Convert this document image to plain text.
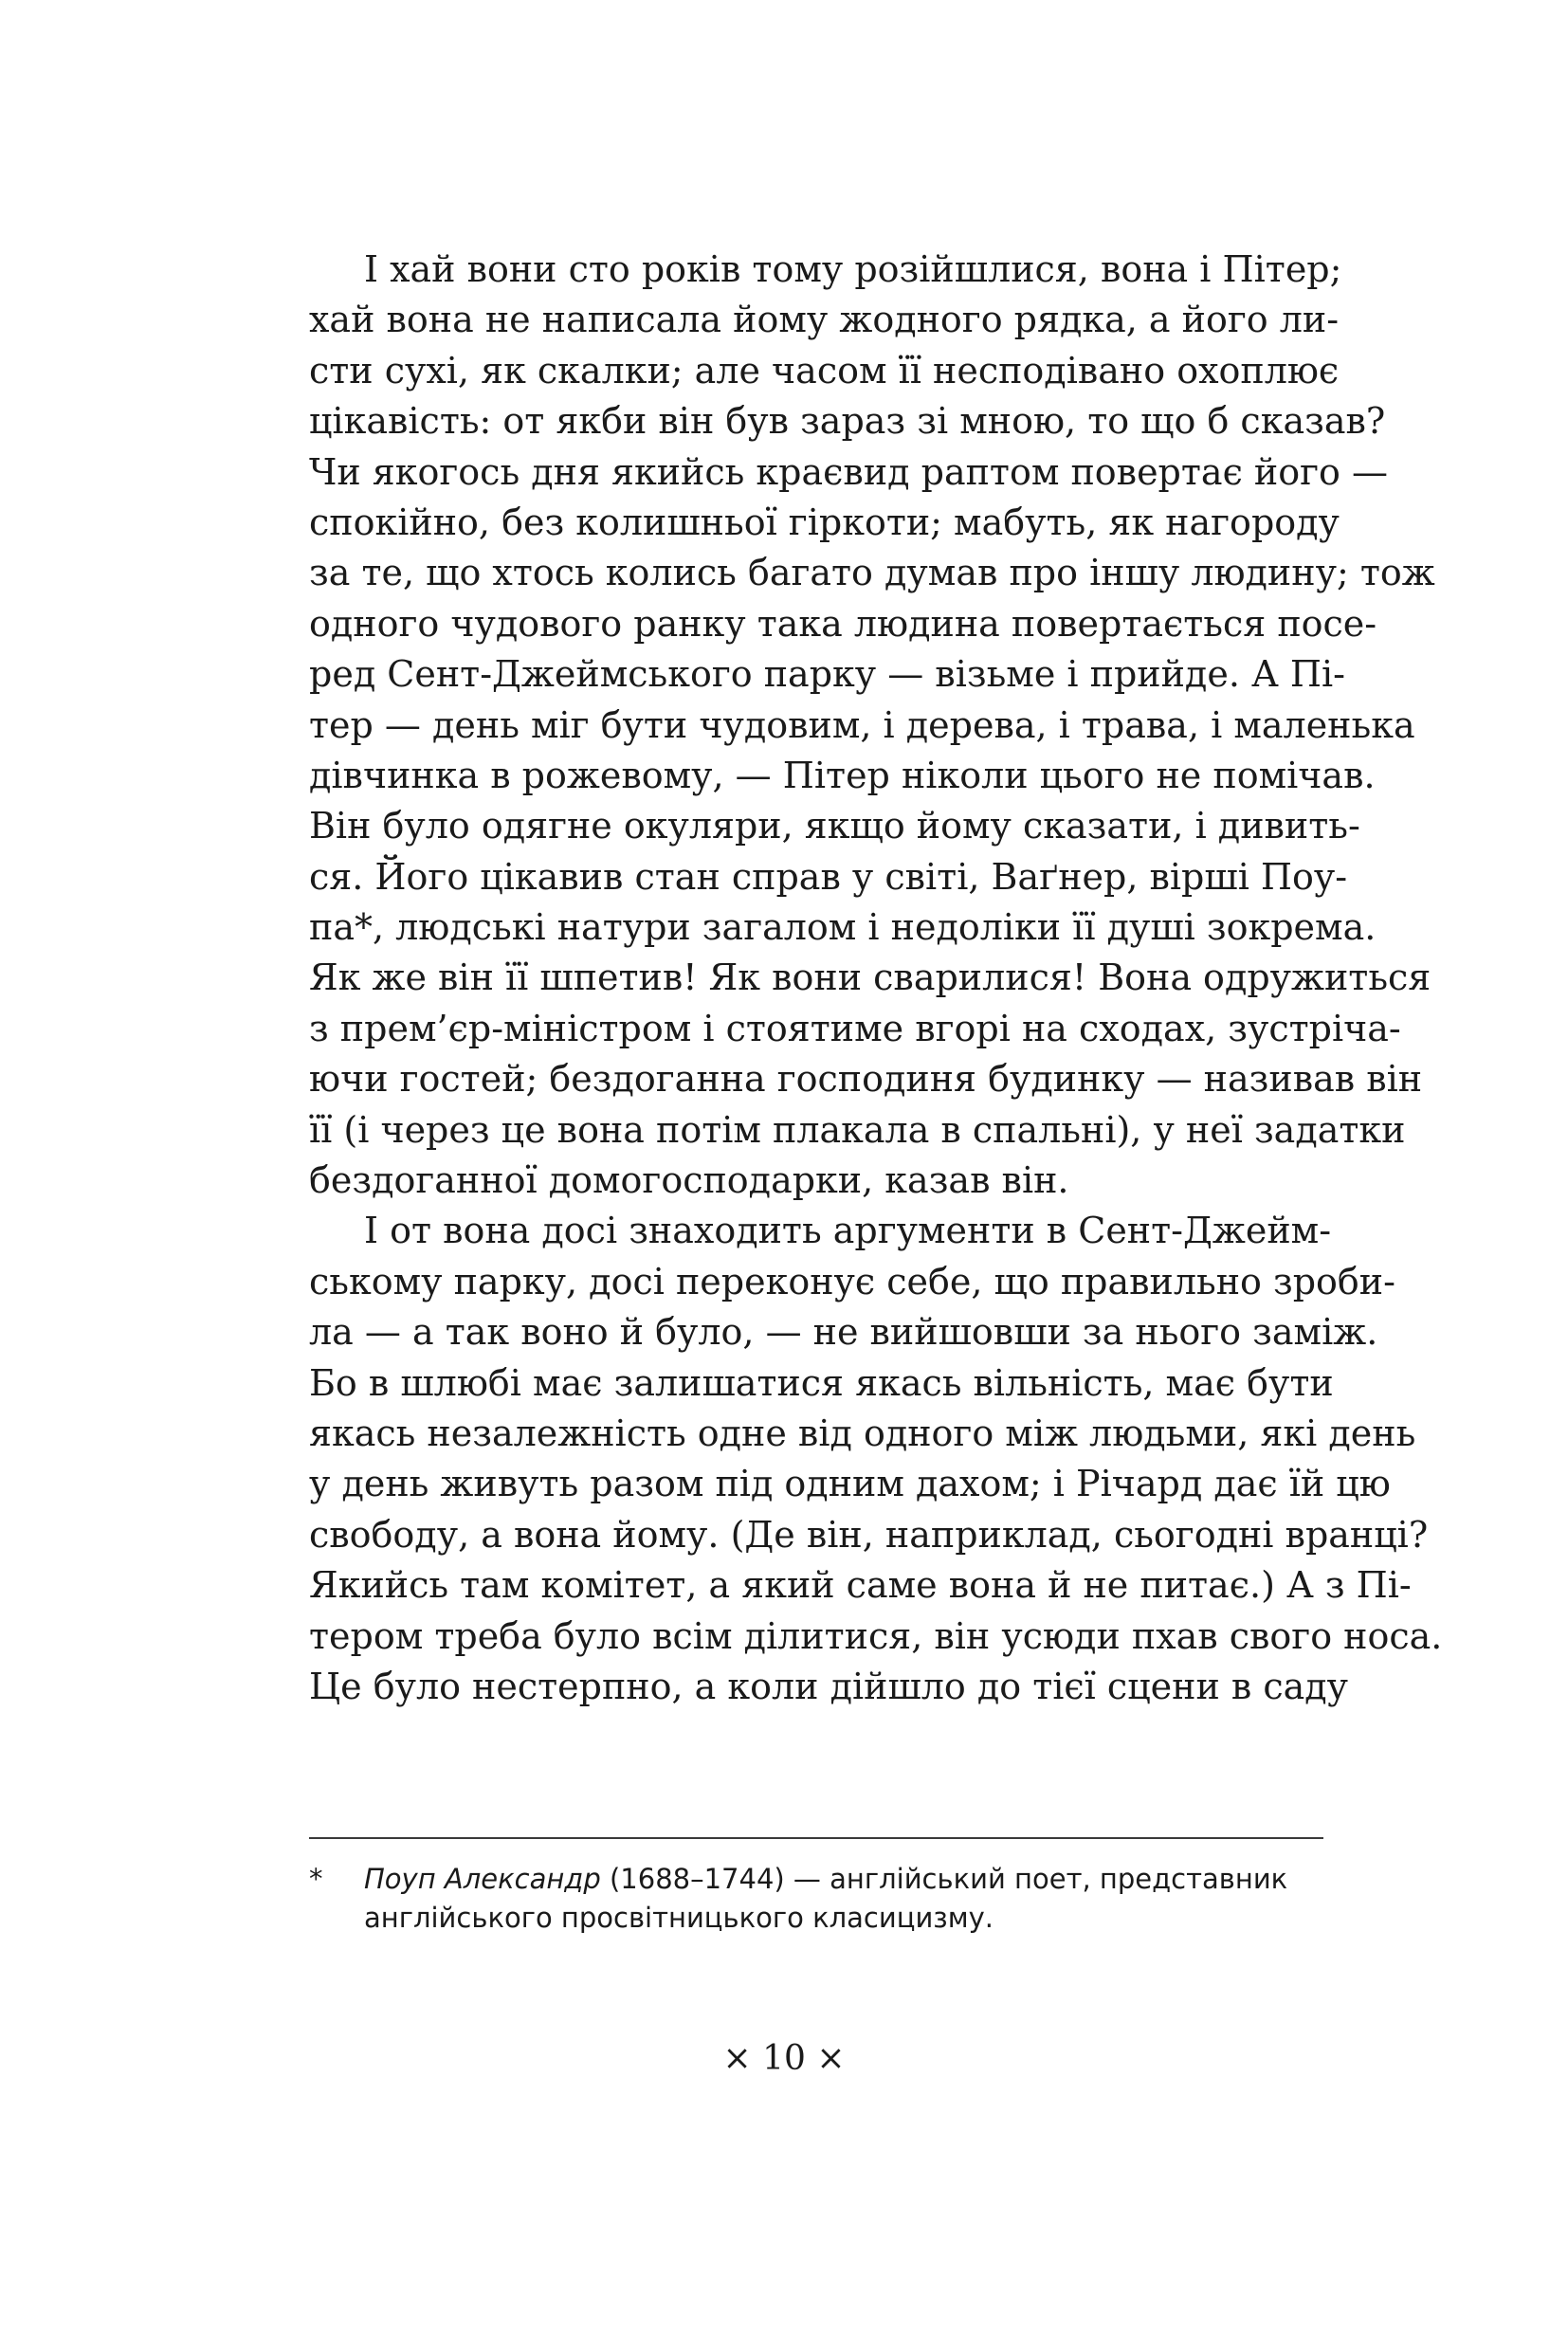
І хай вони сто років тому розійшлися, вона і Пітер;
хай вона не написала йому жодного рядка, а його ли-
сти сухі, як скалки; але часом її несподівано охоплює
цікавість: от якби він був зараз зі мною, то що б сказав?
Чи якогось дня якийсь краєвид раптом повертає його —
спокійно, без колишньої гіркоти; мабуть, як нагороду
за те, що хтось колись багато думав про іншу людину; тож
одного чудового ранку така людина повертається посе-
ред Сент-Джеймського парку — візьме і прийде. А Пі-
тер — день міг бути чудовим, і дерева, і трава, і маленька
дівчинка в рожевому, — Пітер ніколи цього не помічав.
Він було одягне окуляри, якщо йому сказати, і дивить-
ся. Його цікавив стан справ у світі, Ваґнер, вірші Поу-
па*, людські натури загалом і недоліки її душі зокрема.
Як же він її шпетив! Як вони сварилися! Вона одружиться
з прем’єр-міністром і стоятиме вгорі на сходах, зустріча-
ючи гостей; бездоганна господиня будинку — називав він
її (і через це вона потім плакала в спальні), у неї задатки
бездоганної домогосподарки, казав він.
І от вона досі знаходить аргументи в Сент-Джейм-
ському парку, досі переконує себе, що правильно зроби-
ла — а так воно й було, — не вийшовши за нього заміж.
Бо в шлюбі має залишатися якась вільність, має бути
якась незалежність одне від одного між людьми, які день
у день живуть разом під одним дахом; і Річард дає їй цю
свободу, а вона йому. (Де він, наприклад, сьогодні вранці?
Якийсь там комітет, а який саме вона й не питає.) А з Пі-
тером треба було всім ділитися, він усюди пхав свого носа.
Це було нестерпно, а коли дійшло до тієї сцени в саду
* Поуп Александр (1688–1744) — англійський поет, представник
англійського просвітницького класицизму.
× 10 ×
